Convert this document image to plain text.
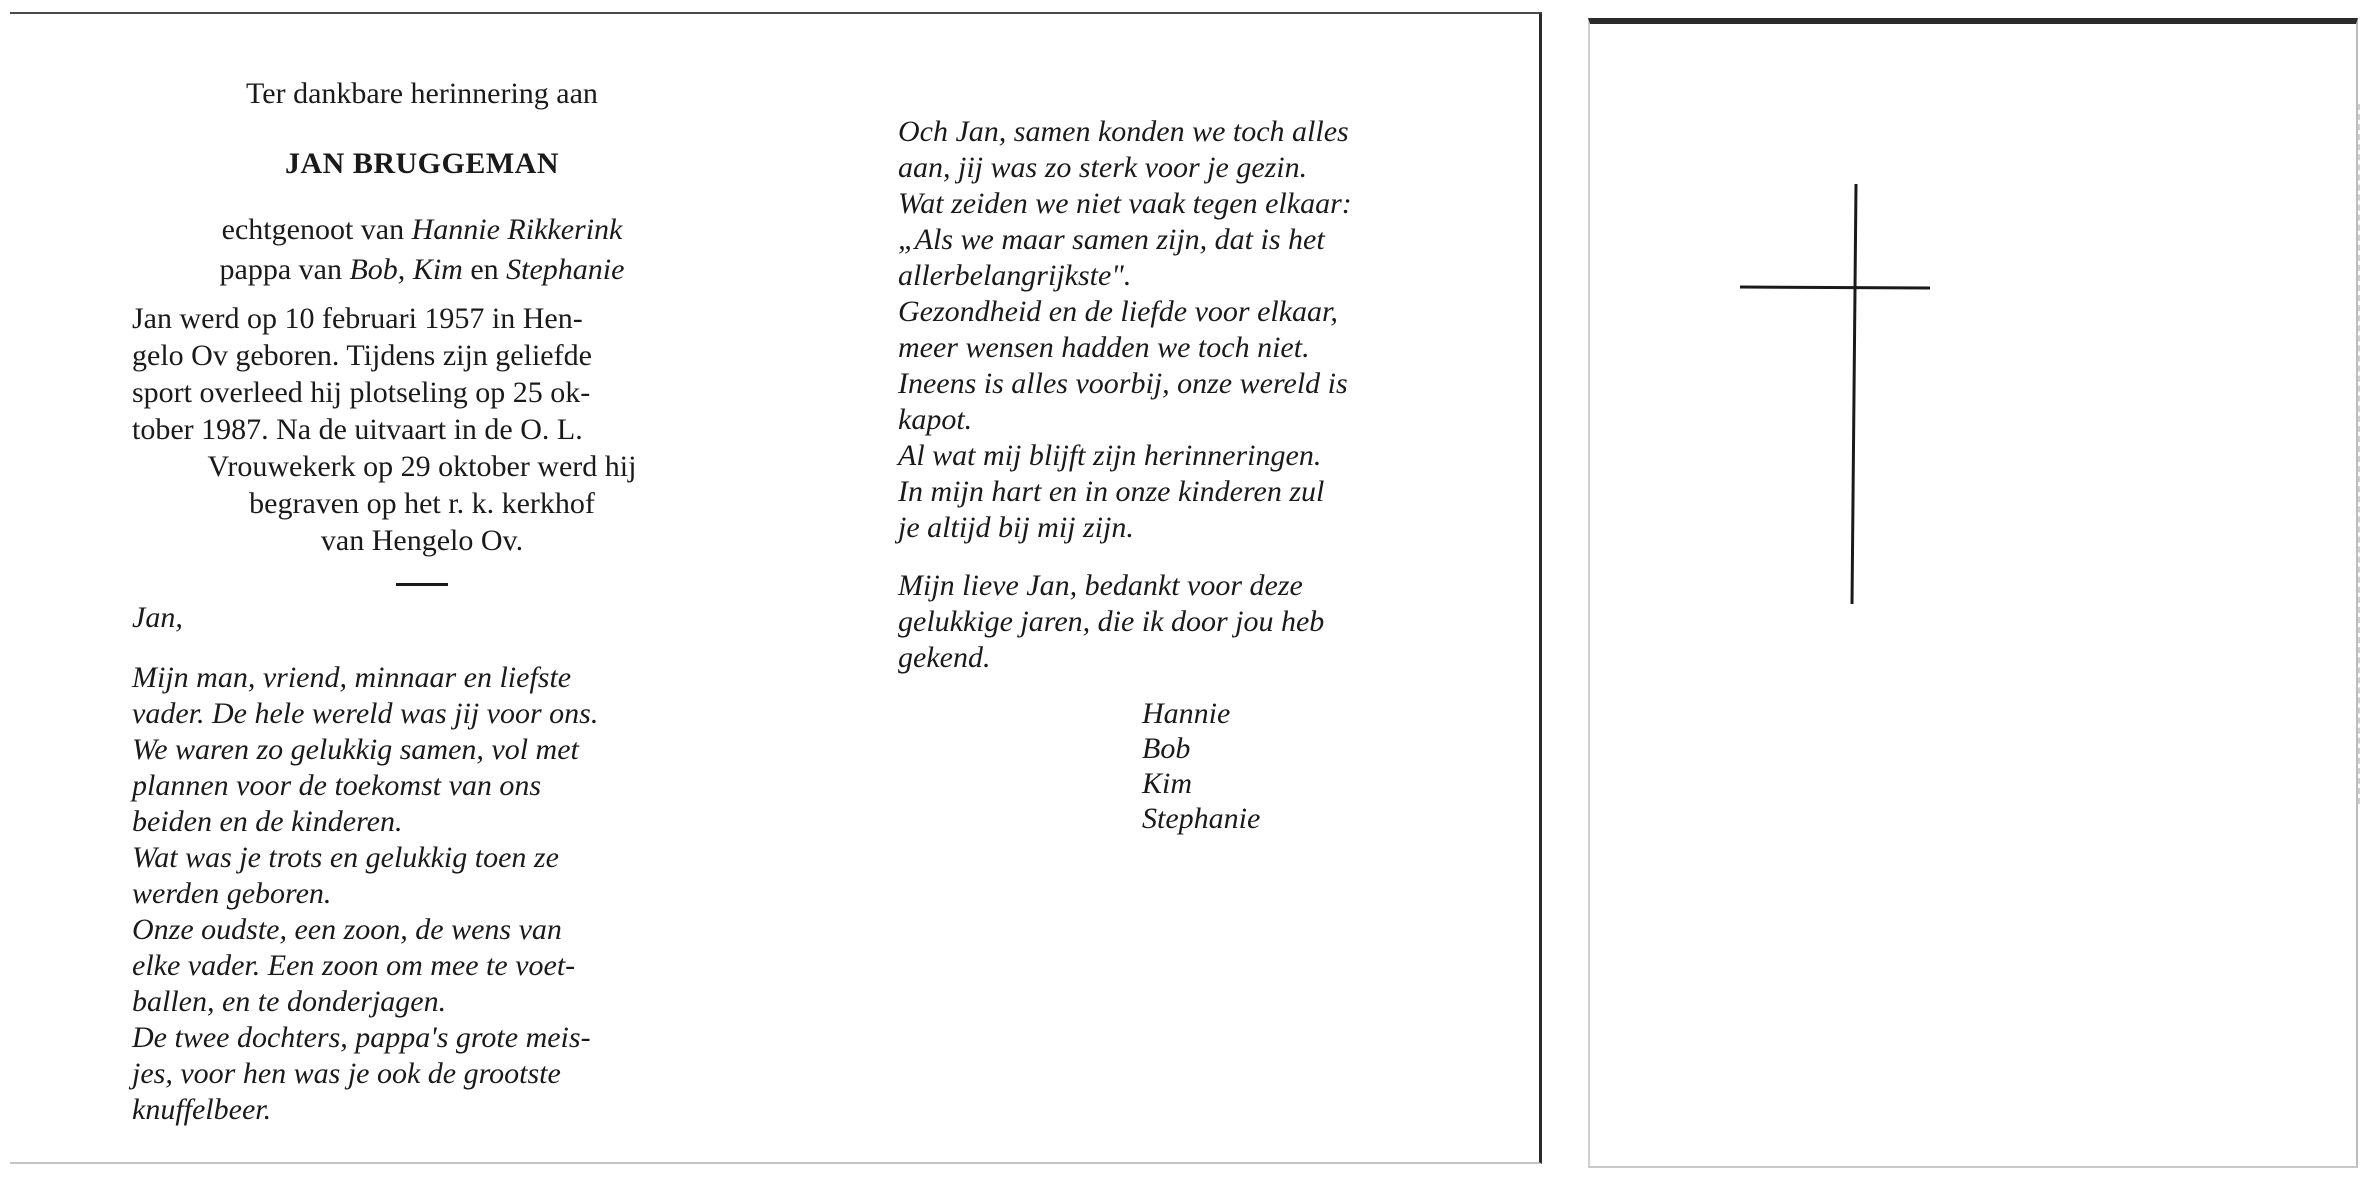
Ter dankbare herinnering aan

JAN BRUGGEMAN

echtgenoot van Hannie Rikkerink
pappa van Bob, Kim en Stephanie

Jan werd op 10 februari 1957 in Hen-
gelo Ov geboren. Tijdens zijn geliefde
sport overleed hij plotseling op 25 ok-
tober 1987. Na de uitvaart in de O. L.
Vrouwekerk op 29 oktober werd hij
begraven op het r. k. kerkhof
van Hengelo Ov.

Jan,

Mijn man, vriend, minnaar en liefste
vader. De hele wereld was jij voor ons.
We waren zo gelukkig samen, vol met
plannen voor de toekomst van ons
beiden en de kinderen.
Wat was je trots en gelukkig toen ze
werden geboren.
Onze oudste, een zoon, de wens van
elke vader. Een zoon om mee te voet-
ballen, en te donderjagen.
De twee dochters, pappa's grote meis-
jes, voor hen was je ook de grootste
knuffelbeer.

Och Jan, samen konden we toch alles
aan, jij was zo sterk voor je gezin.
Wat zeiden we niet vaak tegen elkaar:
„Als we maar samen zijn, dat is het
allerbelangrijkste".
Gezondheid en de liefde voor elkaar,
meer wensen hadden we toch niet.
Ineens is alles voorbij, onze wereld is
kapot.
Al wat mij blijft zijn herinneringen.
In mijn hart en in onze kinderen zul
je altijd bij mij zijn.

Mijn lieve Jan, bedankt voor deze
gelukkige jaren, die ik door jou heb
gekend.

Hannie
Bob
Kim
Stephanie
